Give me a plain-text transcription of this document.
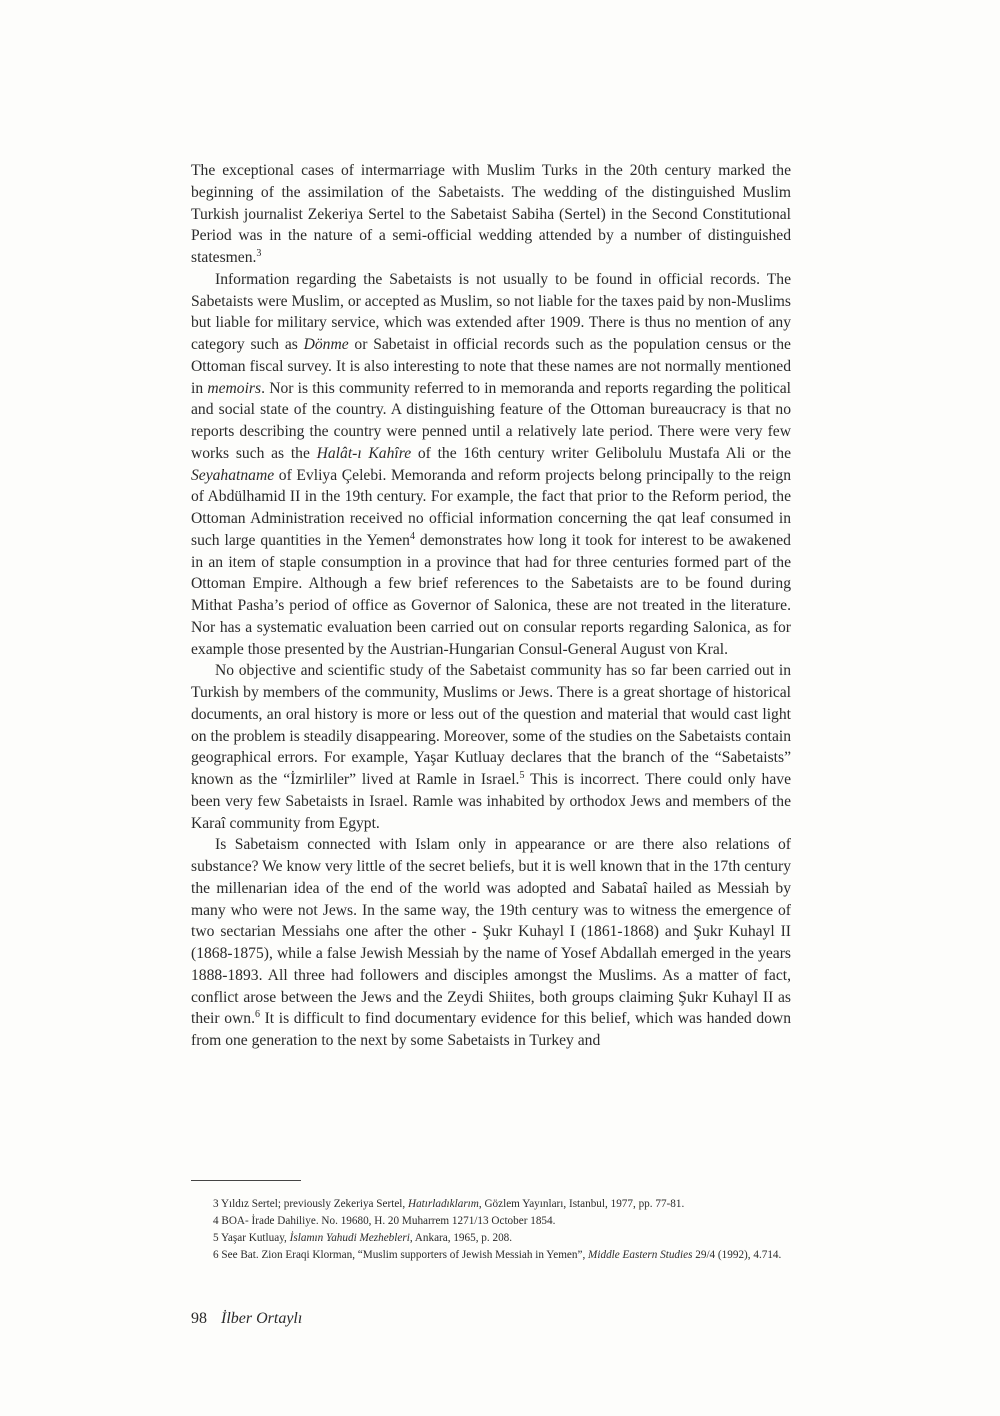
The exceptional cases of intermarriage with Muslim Turks in the 20th century marked the beginning of the assimilation of the Sabetaists. The wedding of the distinguished Muslim Turkish journalist Zekeriya Sertel to the Sabetaist Sabiha (Sertel) in the Second Constitutional Period was in the nature of a semi-official wedding attended by a number of distinguished statesmen.$^3$

Information regarding the Sabetaists is not usually to be found in official records. The Sabetaists were Muslim, or accepted as Muslim, so not liable for the taxes paid by non-Muslims but liable for military service, which was extended after 1909. There is thus no mention of any category such as Dönme or Sabetaist in official records such as the population census or the Ottoman fiscal survey. It is also interesting to note that these names are not normally mentioned in memoirs. Nor is this community referred to in memoranda and reports regarding the political and social state of the country. A distinguishing feature of the Ottoman bureaucracy is that no reports describing the country were penned until a relatively late period. There were very few works such as the Halât-ı Kahîre of the 16th century writer Gelibolulu Mustafa Ali or the Seyahatname of Evliya Çelebi. Memoranda and reform projects belong principally to the reign of Abdülhamid II in the 19th century. For example, the fact that prior to the Reform period, the Ottoman Administration received no official information concerning the qat leaf consumed in such large quantities in the Yemen$^4$ demonstrates how long it took for interest to be awakened in an item of staple consumption in a province that had for three centuries formed part of the Ottoman Empire. Although a few brief references to the Sabetaists are to be found during Mithat Pasha’s period of office as Governor of Salonica, these are not treated in the literature. Nor has a systematic evaluation been carried out on consular reports regarding Salonica, as for example those presented by the Austrian-Hungarian Consul-General August von Kral.

No objective and scientific study of the Sabetaist community has so far been carried out in Turkish by members of the community, Muslims or Jews. There is a great shortage of historical documents, an oral history is more or less out of the question and material that would cast light on the problem is steadily disappearing. Moreover, some of the studies on the Sabetaists contain geographical errors. For example, Yaşar Kutluay declares that the branch of the “Sabetaists” known as the “İzmirliler” lived at Ramle in Israel.$^5$ This is incorrect. There could only have been very few Sabetaists in Israel. Ramle was inhabited by orthodox Jews and members of the Karaî community from Egypt.

Is Sabetaism connected with Islam only in appearance or are there also relations of substance? We know very little of the secret beliefs, but it is well known that in the 17th century the millenarian idea of the end of the world was adopted and Sabataî hailed as Messiah by many who were not Jews. In the same way, the 19th century was to witness the emergence of two sectarian Messiahs one after the other - Şukr Kuhayl I (1861-1868) and Şukr Kuhayl II (1868-1875), while a false Jewish Messiah by the name of Yosef Abdallah emerged in the years 1888-1893. All three had followers and disciples amongst the Muslims. As a matter of fact, conflict arose between the Jews and the Zeydi Shiites, both groups claiming Şukr Kuhayl II as their own.$^6$ It is difficult to find documentary evidence for this belief, which was handed down from one generation to the next by some Sabetaists in Turkey and

3 Yıldız Sertel; previously Zekeriya Sertel, Hatırladıklarım, Gözlem Yayınları, Istanbul, 1977, pp. 77-81.

4 BOA- İrade Dahiliye. No. 19680, H. 20 Muharrem 1271/13 October 1854.

5 Yaşar Kutluay, İslamın Yahudi Mezhebleri, Ankara, 1965, p. 208.

6 See Bat. Zion Eraqi Klorman, “Muslim supporters of Jewish Messiah in Yemen”, Middle Eastern Studies 29/4 (1992), 4.714.

98 İlber Ortaylı
